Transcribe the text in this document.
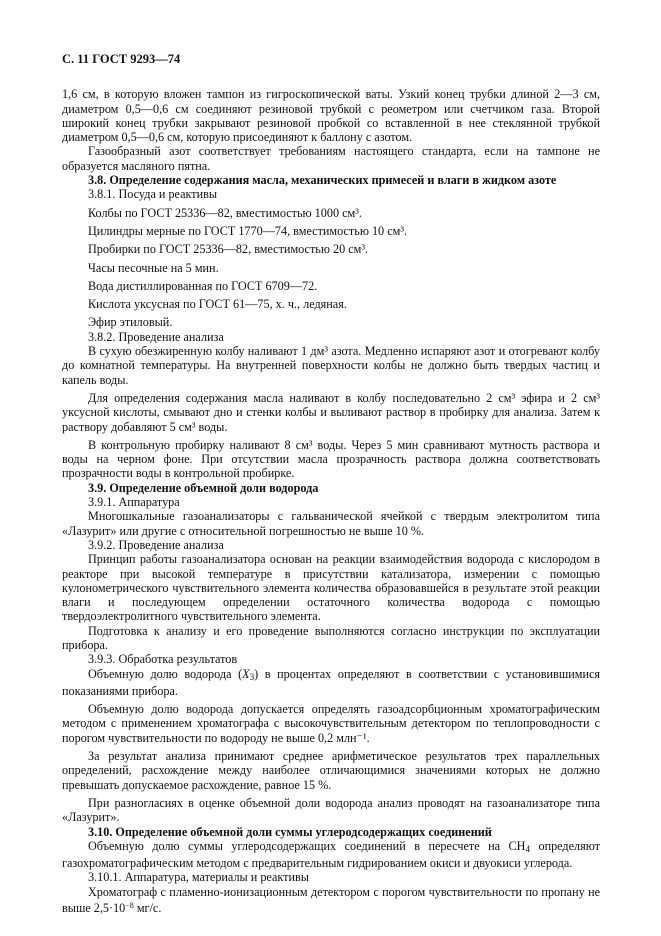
С. 11 ГОСТ 9293—74

1,6 см, в которую вложен тампон из гигроскопической ваты. Узкий конец трубки длиной 2—3 см, диаметром 0,5—0,6 см соединяют резиновой трубкой с реометром или счетчиком газа. Второй широкий конец трубки закрывают резиновой пробкой со вставленной в нее стеклянной трубкой диаметром 0,5—0,6 см, которую присоединяют к баллону с азотом.

Газообразный азот соответствует требованиям настоящего стандарта, если на тампоне не образуется масляного пятна.

3.8. Определение содержания масла, механических примесей и влаги в жидком азоте

3.8.1. Посуда и реактивы

Колбы по ГОСТ 25336—82, вместимостью 1000 см³.

Цилиндры мерные по ГОСТ 1770—74, вместимостью 10 см³.

Пробирки по ГОСТ 25336—82, вместимостью 20 см³.

Часы песочные на 5 мин.

Вода дистиллированная по ГОСТ 6709—72.

Кислота уксусная по ГОСТ 61—75, х. ч., ледяная.

Эфир этиловый.

3.8.2. Проведение анализа

В сухую обезжиренную колбу наливают 1 дм³ азота. Медленно испаряют азот и отогревают колбу до комнатной температуры. На внутренней поверхности колбы не должно быть твердых частиц и капель воды.

Для определения содержания масла наливают в колбу последовательно 2 см³ эфира и 2 см³ уксусной кислоты, смывают дно и стенки колбы и выливают раствор в пробирку для анализа. Затем к раствору добавляют 5 см³ воды.

В контрольную пробирку наливают 8 см³ воды. Через 5 мин сравнивают мутность раствора и воды на черном фоне. При отсутствии масла прозрачность раствора должна соответствовать прозрачности воды в контрольной пробирке.

3.9. Определение объемной доли водорода

3.9.1. Аппаратура

Многошкальные газоанализаторы с гальванической ячейкой с твердым электролитом типа «Лазурит» или другие с относительной погрешностью не выше 10 %.

3.9.2. Проведение анализа

Принцип работы газоанализатора основан на реакции взаимодействия водорода с кислородом в реакторе при высокой температуре в присутствии катализатора, измерении с помощью кулонометрического чувствительного элемента количества образовавшейся в результате этой реакции влаги и последующем определении остаточного количества водорода с помощью твердоэлектролитного чувствительного элемента.

Подготовка к анализу и его проведение выполняются согласно инструкции по эксплуатации прибора.

3.9.3. Обработка результатов

Объемную долю водорода $(X_3)$ в процентах определяют в соответствии с установившимися показаниями прибора.

Объемную долю водорода допускается определять газоадсорбционным хроматографическим методом с применением хроматографа с высокочувствительным детектором по теплопроводности с порогом чувствительности по водороду не выше 0,2 млн⁻¹.

За результат анализа принимают среднее арифметическое результатов трех параллельных определений, расхождение между наиболее отличающимися значениями которых не должно превышать допускаемое расхождение, равное 15 %.

При разногласиях в оценке объемной доли водорода анализ проводят на газоанализаторе типа «Лазурит».

3.10. Определение объемной доли суммы углеродсодержащих соединений

Объемную долю суммы углеродсодержащих соединений в пересчете на $CH_4$ определяют газохроматографическим методом с предварительным гидрированием окиси и двуокиси углерода.

3.10.1. Аппаратура, материалы и реактивы

Хроматограф с пламенно-ионизационным детектором с порогом чувствительности по пропану не выше $2,5\cdot 10^{-8}$ мг/с.
